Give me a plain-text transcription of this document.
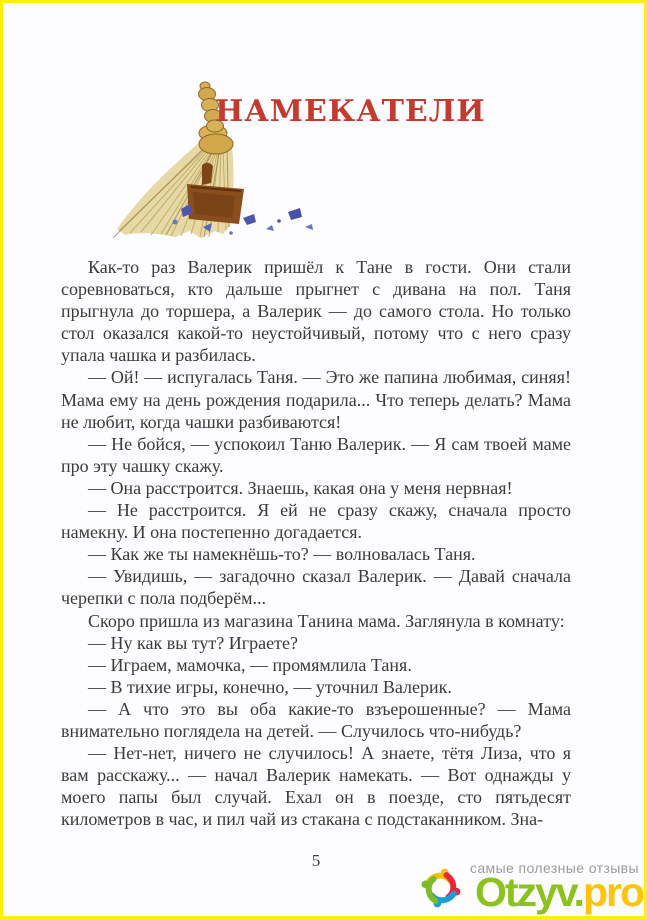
НАМЕКАТЕЛИ

Как-то раз Валерик пришёл к Тане в гости. Они стали соревноваться, кто дальше прыгнет с дивана на пол. Таня прыгнула до торшера, а Валерик — до самого стола. Но только стол оказался какой-то неустойчивый, потому что с него сразу упала чашка и разбилась.

— Ой! — испугалась Таня. — Это же папина любимая, синяя! Мама ему на день рождения подарила... Что теперь делать? Мама не любит, когда чашки разбиваются!

— Не бойся, — успокоил Таню Валерик. — Я сам твоей маме про эту чашку скажу.

— Она расстроится. Знаешь, какая она у меня нервная!

— Не расстроится. Я ей не сразу скажу, сначала просто намекну. И она постепенно догадается.

— Как же ты намекнёшь-то? — волновалась Таня.

— Увидишь, — загадочно сказал Валерик. — Давай сначала черепки с пола подберём...

Скоро пришла из магазина Танина мама. Заглянула в комнату:

— Ну как вы тут? Играете?

— Играем, мамочка, — промямлила Таня.

— В тихие игры, конечно, — уточнил Валерик.

— А что это вы оба какие-то взъерошенные? — Мама внимательно поглядела на детей. — Случилось что-нибудь?

— Нет-нет, ничего не случилось! А знаете, тётя Лиза, что я вам расскажу... — начал Валерик намекать. — Вот однажды у моего папы был случай. Ехал он в поезде, сто пятьдесят километров в час, и пил чай из стакана с подстаканником. Зна-

5	самые полезные отзывы
Otzyv.pro
